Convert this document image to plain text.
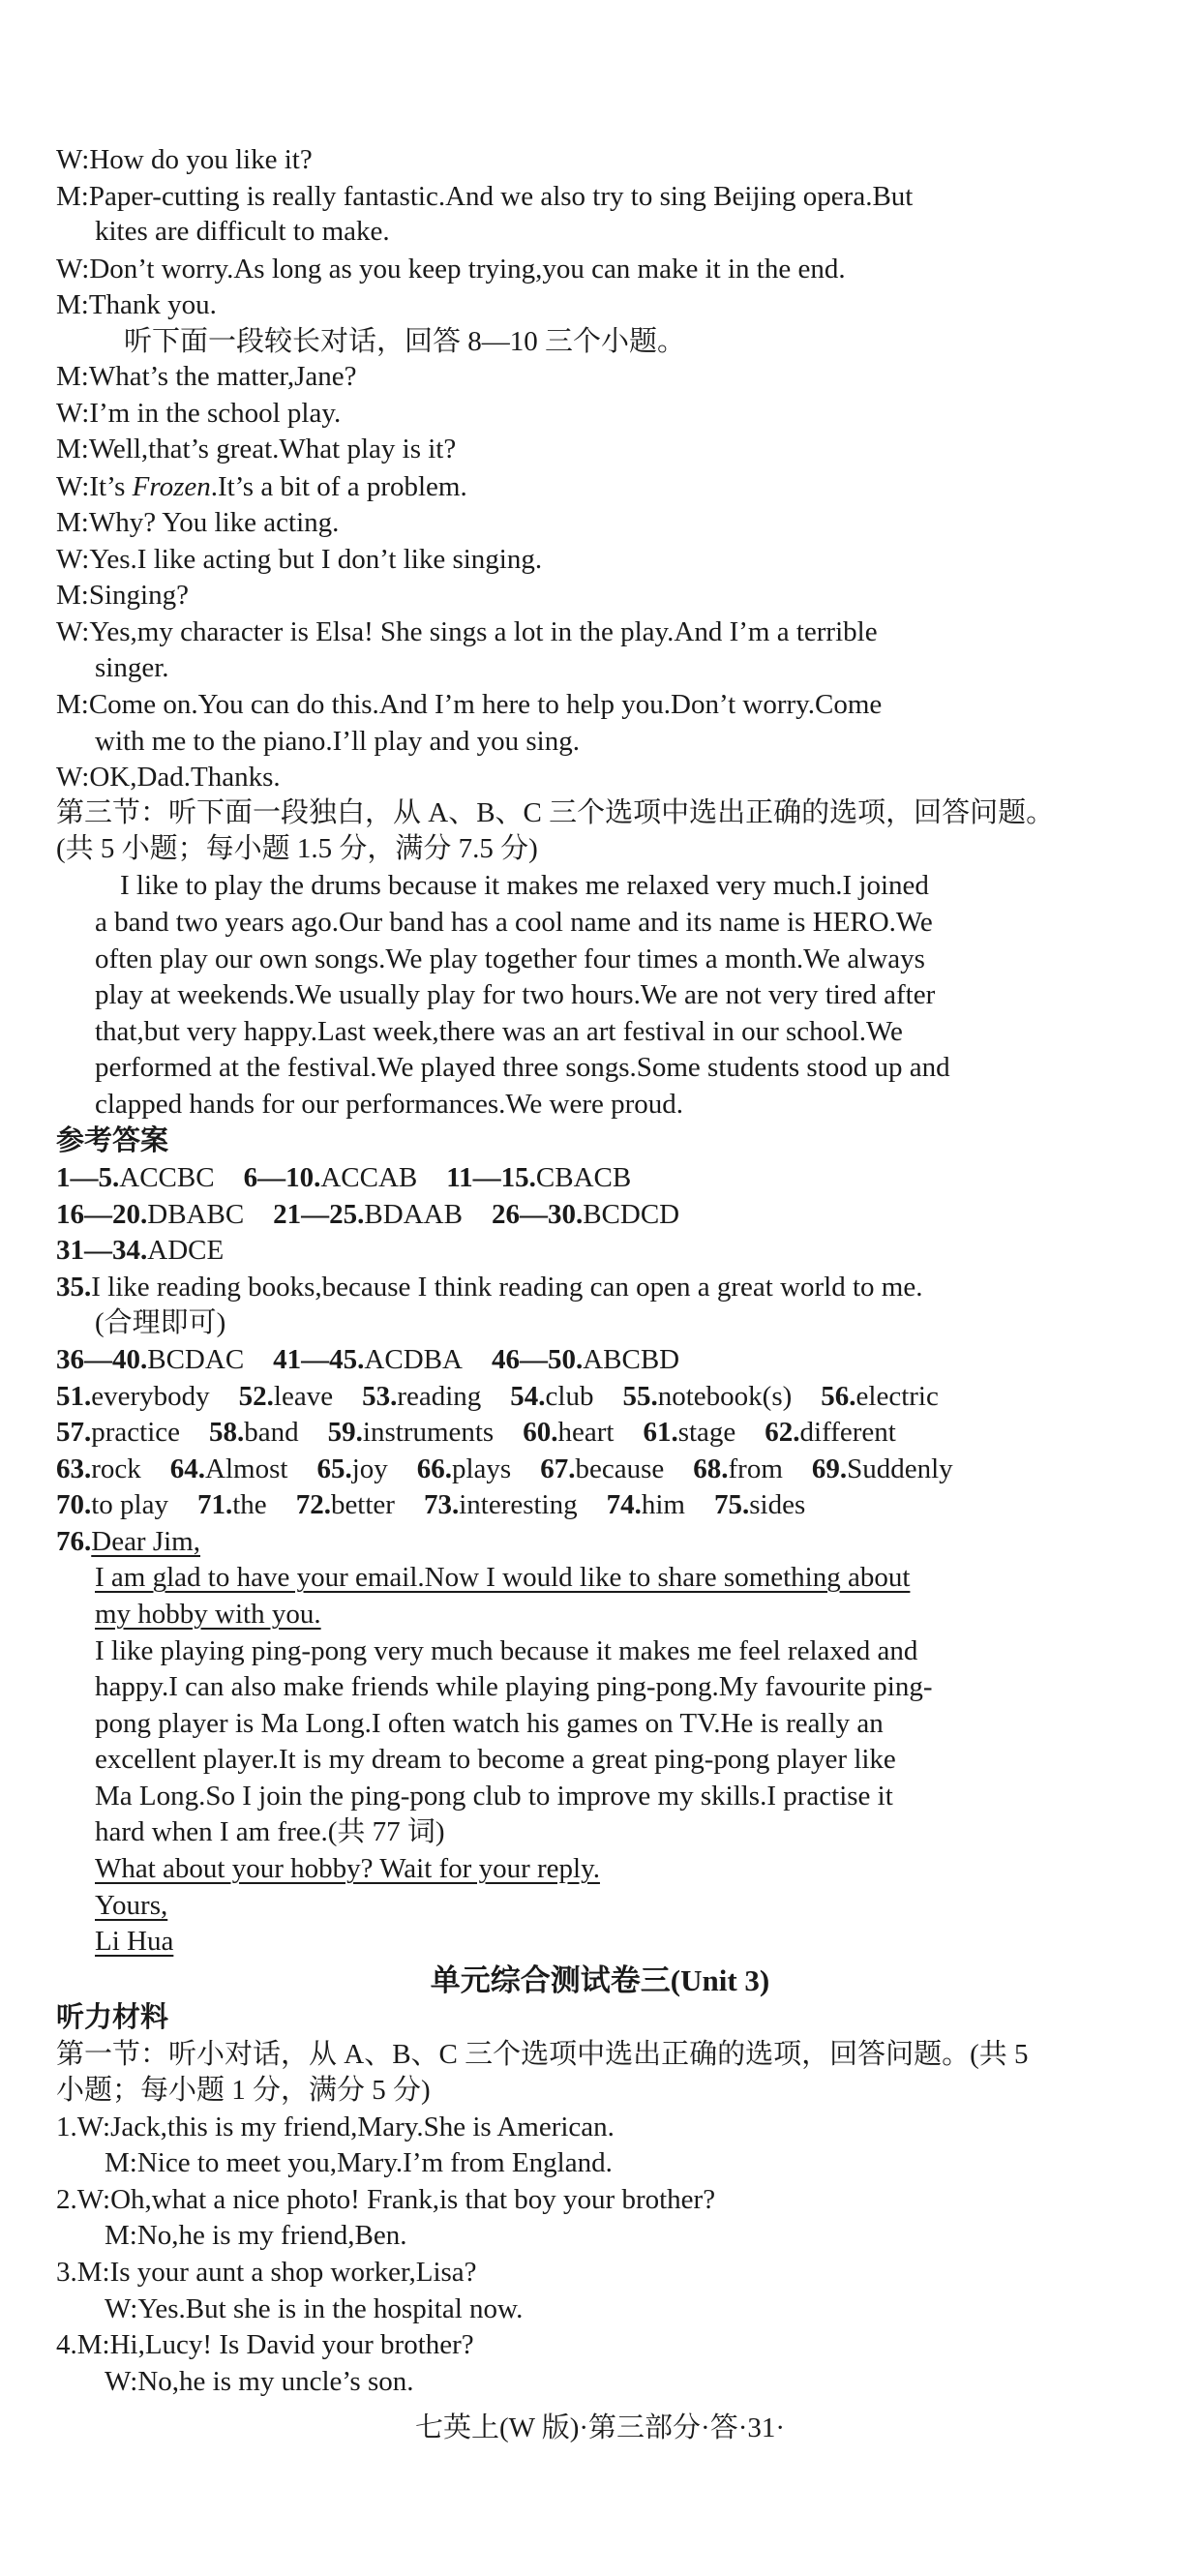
W:How do you like it?
M:Paper-cutting is really fantastic.And we also try to sing Beijing opera.But
kites are difficult to make.
W:Don’t worry.As long as you keep trying,you can make it in the end.
M:Thank you.
听下面一段较长对话，回答 8—10 三个小题。
M:What’s the matter,Jane?
W:I’m in the school play.
M:Well,that’s great.What play is it?
W:It’s Frozen.It’s a bit of a problem.
M:Why? You like acting.
W:Yes.I like acting but I don’t like singing.
M:Singing?
W:Yes,my character is Elsa! She sings a lot in the play.And I’m a terrible
singer.
M:Come on.You can do this.And I’m here to help you.Don’t worry.Come
with me to the piano.I’ll play and you sing.
W:OK,Dad.Thanks.
第三节：听下面一段独白，从 A、B、C 三个选项中选出正确的选项，回答问题。
(共 5 小题；每小题 1.5 分，满分 7.5 分)
I like to play the drums because it makes me relaxed very much.I joined
a band two years ago.Our band has a cool name and its name is HERO.We
often play our own songs.We play together four times a month.We always
play at weekends.We usually play for two hours.We are not very tired after
that,but very happy.Last week,there was an art festival in our school.We
performed at the festival.We played three songs.Some students stood up and
clapped hands for our performances.We were proud.
参考答案
1—5.ACCBC 6—10.ACCAB 11—15.CBACB
16—20.DBABC 21—25.BDAAB 26—30.BCDCD
31—34.ADCE
35.I like reading books,because I think reading can open a great world to me.
(合理即可)
36—40.BCDAC 41—45.ACDBA 46—50.ABCBD
51.everybody 52.leave 53.reading 54.club 55.notebook(s) 56.electric
57.practice 58.band 59.instruments 60.heart 61.stage 62.different
63.rock 64.Almost 65.joy 66.plays 67.because 68.from 69.Suddenly
70.to play 71.the 72.better 73.interesting 74.him 75.sides
76.Dear Jim,
I am glad to have your email.Now I would like to share something about
my hobby with you.
I like playing ping-pong very much because it makes me feel relaxed and
happy.I can also make friends while playing ping-pong.My favourite ping-
pong player is Ma Long.I often watch his games on TV.He is really an
excellent player.It is my dream to become a great ping-pong player like
Ma Long.So I join the ping-pong club to improve my skills.I practise it
hard when I am free.(共 77 词)
What about your hobby? Wait for your reply.
Yours,
Li Hua
单元综合测试卷三(Unit 3)
听力材料
第一节：听小对话，从 A、B、C 三个选项中选出正确的选项，回答问题。(共 5
小题；每小题 1 分，满分 5 分)
1.W:Jack,this is my friend,Mary.She is American.
M:Nice to meet you,Mary.I’m from England.
2.W:Oh,what a nice photo! Frank,is that boy your brother?
M:No,he is my friend,Ben.
3.M:Is your aunt a shop worker,Lisa?
W:Yes.But she is in the hospital now.
4.M:Hi,Lucy! Is David your brother?
W:No,he is my uncle’s son.
七英上(W 版)·第三部分·答·31·
